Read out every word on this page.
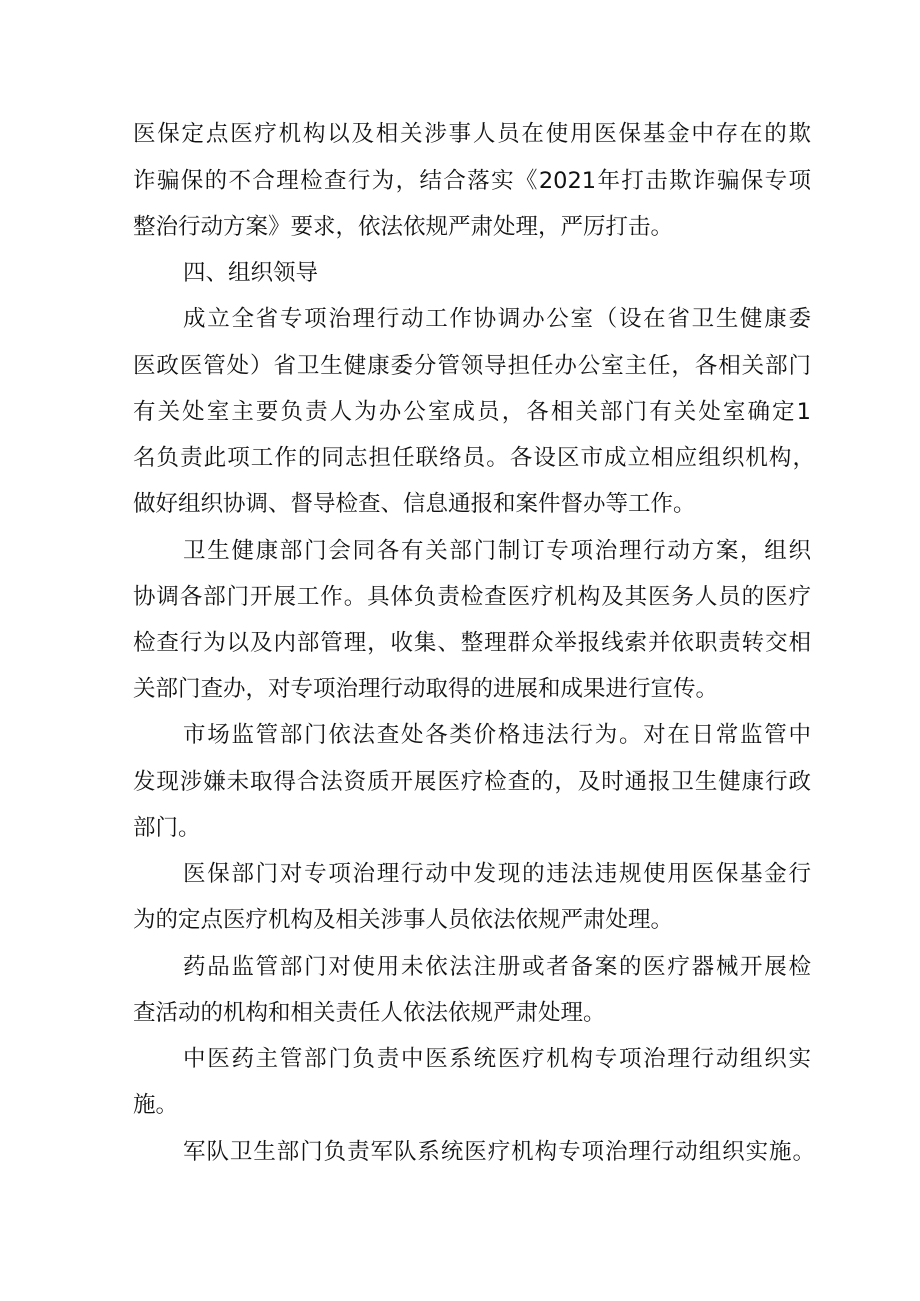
医保定点医疗机构以及相关涉事人员在使用医保基金中存在的欺
诈骗保的不合理检查行为，结合落实《2021年打击欺诈骗保专项
整治行动方案》要求，依法依规严肃处理，严厉打击。
四、组织领导
成立全省专项治理行动工作协调办公室（设在省卫生健康委
医政医管处）省卫生健康委分管领导担任办公室主任，各相关部门
有关处室主要负责人为办公室成员，各相关部门有关处室确定1
名负责此项工作的同志担任联络员。各设区市成立相应组织机构，
做好组织协调、督导检查、信息通报和案件督办等工作。
卫生健康部门会同各有关部门制订专项治理行动方案，组织
协调各部门开展工作。具体负责检查医疗机构及其医务人员的医疗
检查行为以及内部管理，收集、整理群众举报线索并依职责转交相
关部门查办，对专项治理行动取得的进展和成果进行宣传。
市场监管部门依法查处各类价格违法行为。对在日常监管中
发现涉嫌未取得合法资质开展医疗检查的，及时通报卫生健康行政
部门。
医保部门对专项治理行动中发现的违法违规使用医保基金行
为的定点医疗机构及相关涉事人员依法依规严肃处理。
药品监管部门对使用未依法注册或者备案的医疗器械开展检
查活动的机构和相关责任人依法依规严肃处理。
中医药主管部门负责中医系统医疗机构专项治理行动组织实
施。
军队卫生部门负责军队系统医疗机构专项治理行动组织实施。
